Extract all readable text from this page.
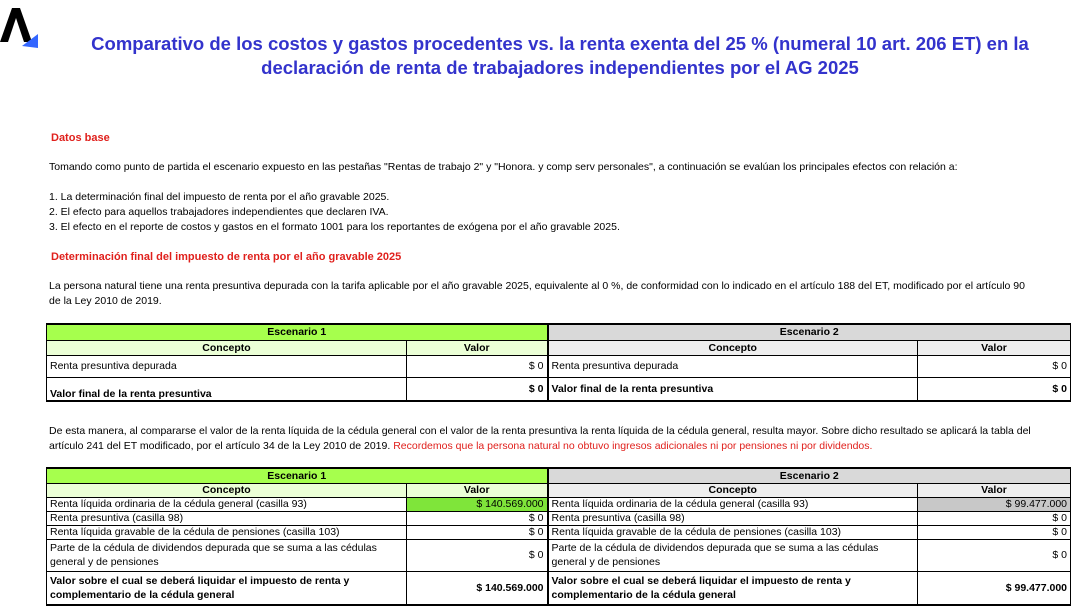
Comparativo de los costos y gastos procedentes vs. la renta exenta del 25 % (numeral 10 art. 206 ET) en la
declaración de renta de trabajadores independientes por el AG 2025
Datos base
Tomando como punto de partida el escenario expuesto en las pestañas "Rentas de trabajo 2" y "Honora. y comp serv personales", a continuación se evalúan los principales efectos con relación a:
1. La determinación final del impuesto de renta por el año gravable 2025.
2. El efecto para aquellos trabajadores independientes que declaren IVA.
3. El efecto en el reporte de costos y gastos en el formato 1001 para los reportantes de exógena por el año gravable 2025.
Determinación final del impuesto de renta por el año gravable 2025
La persona natural tiene una renta presuntiva depurada con la tarifa aplicable por el año gravable 2025, equivalente al 0 %, de conformidad con lo indicado en el artículo 188 del ET, modificado por el artículo 90
de la Ley 2010 de 2019.
Escenario 1		Escenario 2	
Concepto	Valor	Concepto	Valor
Renta presuntiva depurada	$ 0	Renta presuntiva depurada	$ 0
Valor final de la renta presuntiva	$ 0	Valor final de la renta presuntiva	$ 0
De esta manera, al compararse el valor de la renta líquida de la cédula general con el valor de la renta presuntiva la renta líquida de la cédula general, resulta mayor. Sobre dicho resultado se aplicará la tabla del
artículo 241 del ET modificado, por el artículo 34 de la Ley 2010 de 2019. Recordemos que la persona natural no obtuvo ingresos adicionales ni por pensiones ni por dividendos.
Escenario 1		Escenario 2	
Concepto	Valor	Concepto	Valor
Renta líquida ordinaria de la cédula general (casilla 93)	$ 140.569.000	Renta líquida ordinaria de la cédula general (casilla 93)	$ 99.477.000
Renta presuntiva (casilla 98)	$ 0	Renta presuntiva (casilla 98)	$ 0
Renta líquida gravable de la cédula de pensiones (casilla 103)	$ 0	Renta líquida gravable de la cédula de pensiones (casilla 103)	$ 0
Parte de la cédula de dividendos depurada que se suma a las cédulas general y de pensiones	$ 0	Parte de la cédula de dividendos depurada que se suma a las cédulas general y de pensiones	$ 0
Valor sobre el cual se deberá liquidar el impuesto de renta y complementario de la cédula general	$ 140.569.000	Valor sobre el cual se deberá liquidar el impuesto de renta y complementario de la cédula general	$ 99.477.000
